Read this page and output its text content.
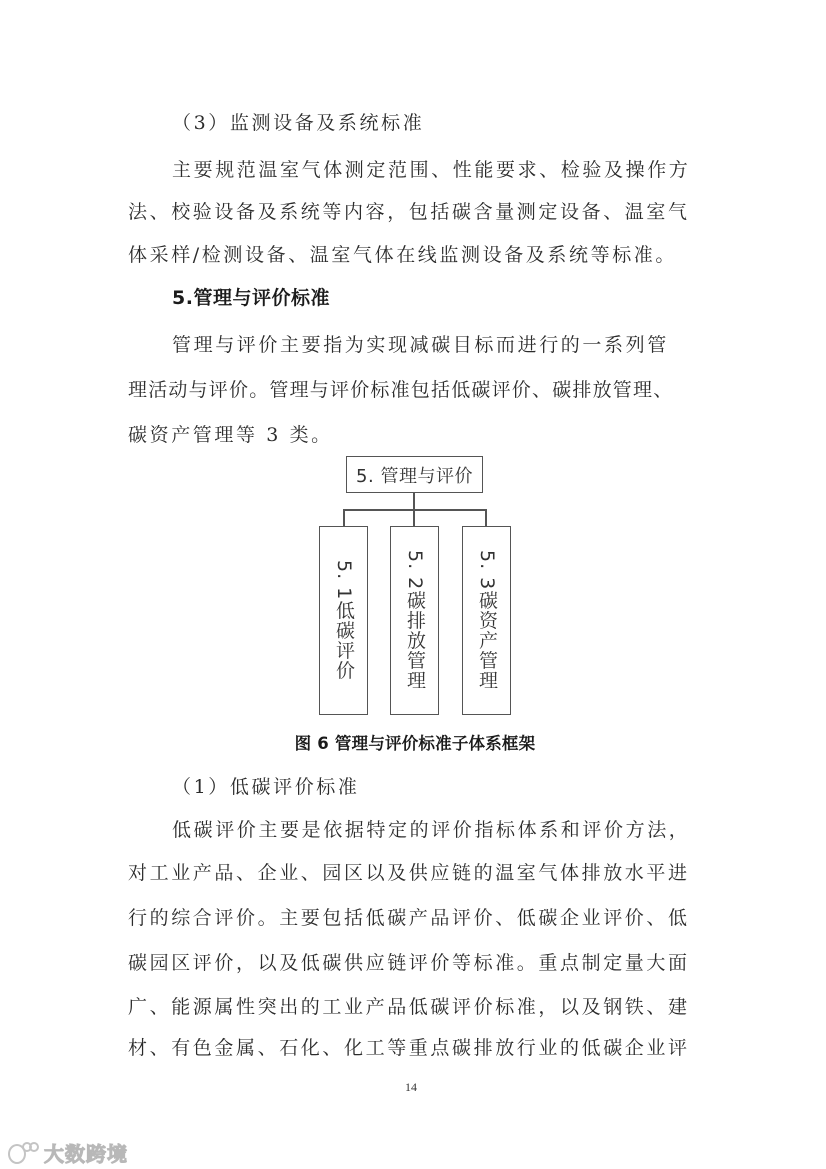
（3）监测设备及系统标准
主要规范温室气体测定范围、性能要求、检验及操作方
法、校验设备及系统等内容，包括碳含量测定设备、温室气
体采样/检测设备、温室气体在线监测设备及系统等标准。
5.管理与评价标准
管理与评价主要指为实现减碳目标而进行的一系列管
理活动与评价。管理与评价标准包括低碳评价、碳排放管理、
碳资产管理等 3 类。
5. 管理与评价
5. 1低碳评价	5. 2碳排放管理	5. 3碳资产管理
图 6 管理与评价标准子体系框架
（1）低碳评价标准
低碳评价主要是依据特定的评价指标体系和评价方法，
对工业产品、企业、园区以及供应链的温室气体排放水平进
行的综合评价。主要包括低碳产品评价、低碳企业评价、低
碳园区评价，以及低碳供应链评价等标准。重点制定量大面
广、能源属性突出的工业产品低碳评价标准，以及钢铁、建
材、有色金属、石化、化工等重点碳排放行业的低碳企业评
14
大数跨境
